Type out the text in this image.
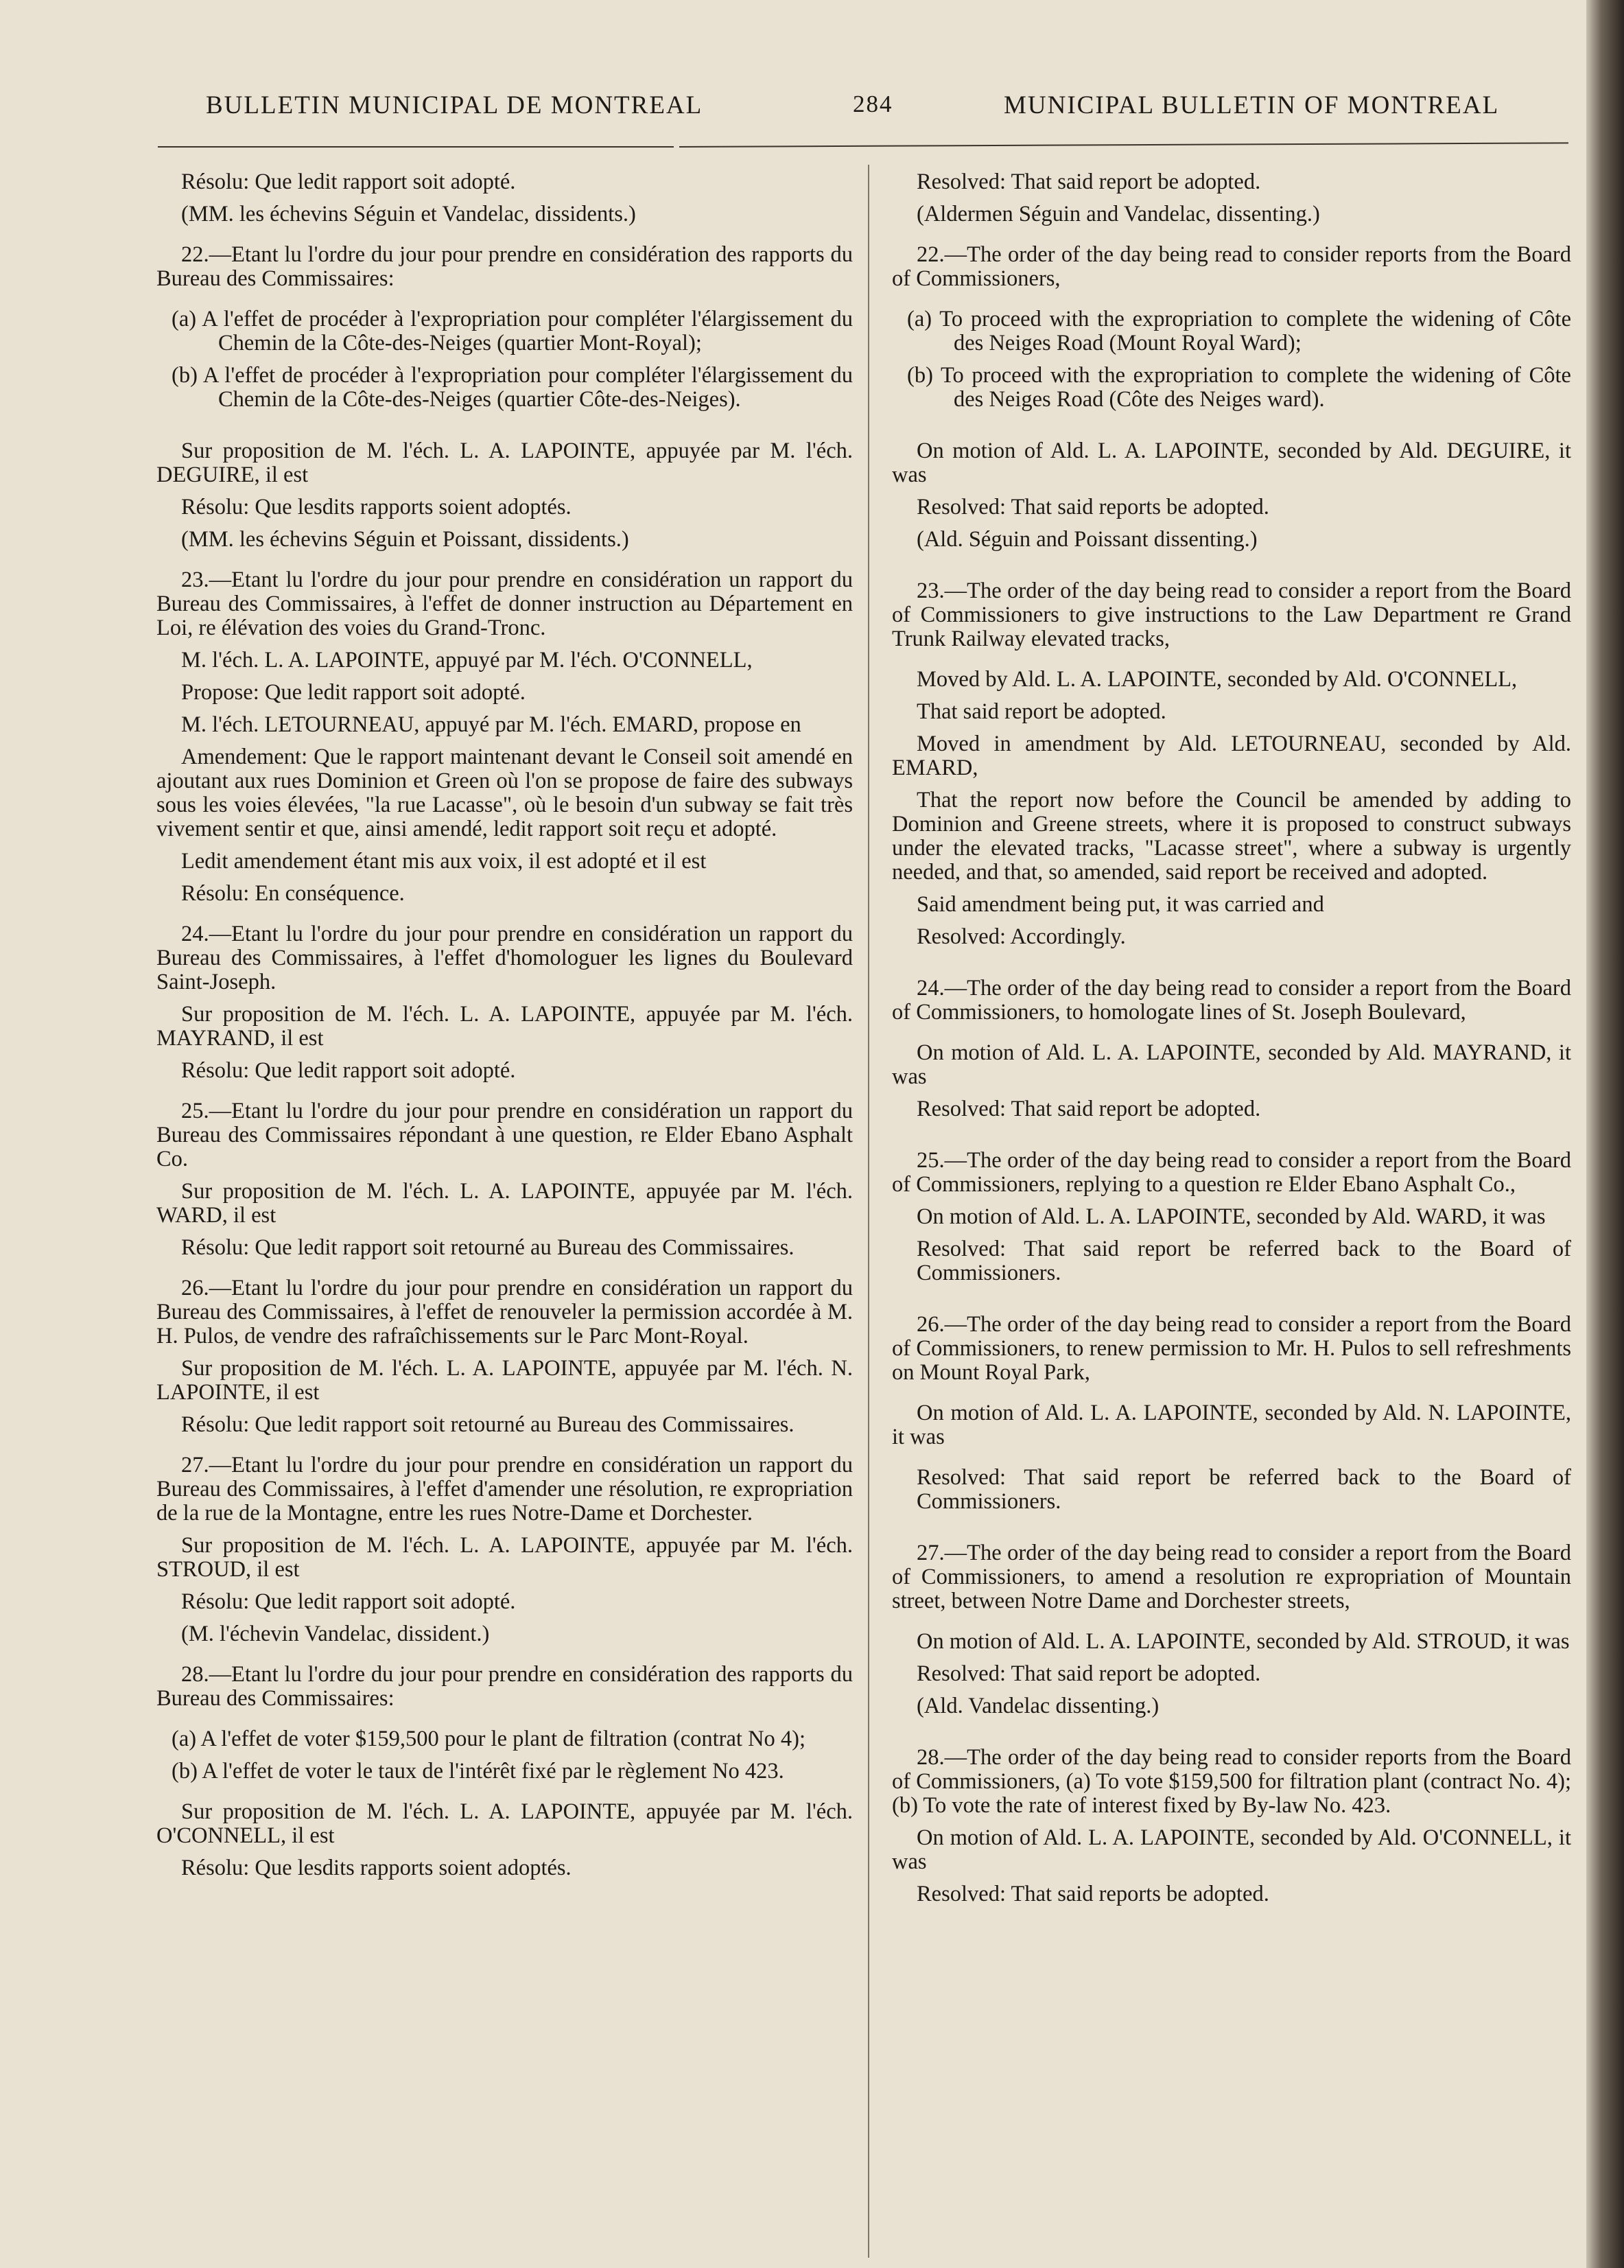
BULLETIN MUNICIPAL DE MONTREAL	284	MUNICIPAL BULLETIN OF MONTREAL

Résolu: Que ledit rapport soit adopté.

(MM. les échevins Séguin et Vandelac, dissidents.)

22.—Etant lu l'ordre du jour pour prendre en considération des rapports du Bureau des Commissaires:

(a) A l'effet de procéder à l'expropriation pour compléter l'élargissement du Chemin de la Côte-des-Neiges (quartier Mont-Royal);

(b) A l'effet de procéder à l'expropriation pour compléter l'élargissement du Chemin de la Côte-des-Neiges (quartier Côte-des-Neiges).

Sur proposition de M. l'éch. L. A. LAPOINTE, appuyée par M. l'éch. DEGUIRE, il est

Résolu: Que lesdits rapports soient adoptés.

(MM. les échevins Séguin et Poissant, dissidents.)

23.—Etant lu l'ordre du jour pour prendre en considération un rapport du Bureau des Commissaires, à l'effet de donner instruction au Département en Loi, re élévation des voies du Grand-Tronc.

M. l'éch. L. A. LAPOINTE, appuyé par M. l'éch. O'CONNELL,

Propose: Que ledit rapport soit adopté.

M. l'éch. LETOURNEAU, appuyé par M. l'éch. EMARD, propose en

Amendement: Que le rapport maintenant devant le Conseil soit amendé en ajoutant aux rues Dominion et Green où l'on se propose de faire des subways sous les voies élevées, "la rue Lacasse", où le besoin d'un subway se fait très vivement sentir et que, ainsi amendé, ledit rapport soit reçu et adopté.

Ledit amendement étant mis aux voix, il est adopté et il est

Résolu: En conséquence.

24.—Etant lu l'ordre du jour pour prendre en considération un rapport du Bureau des Commissaires, à l'effet d'homologuer les lignes du Boulevard Saint-Joseph.

Sur proposition de M. l'éch. L. A. LAPOINTE, appuyée par M. l'éch. MAYRAND, il est

Résolu: Que ledit rapport soit adopté.

25.—Etant lu l'ordre du jour pour prendre en considération un rapport du Bureau des Commissaires répondant à une question, re Elder Ebano Asphalt Co.

Sur proposition de M. l'éch. L. A. LAPOINTE, appuyée par M. l'éch. WARD, il est

Résolu: Que ledit rapport soit retourné au Bureau des Commissaires.

26.—Etant lu l'ordre du jour pour prendre en considération un rapport du Bureau des Commissaires, à l'effet de renouveler la permission accordée à M. H. Pulos, de vendre des rafraîchissements sur le Parc Mont-Royal.

Sur proposition de M. l'éch. L. A. LAPOINTE, appuyée par M. l'éch. N. LAPOINTE, il est

Résolu: Que ledit rapport soit retourné au Bureau des Commissaires.

27.—Etant lu l'ordre du jour pour prendre en considération un rapport du Bureau des Commissaires, à l'effet d'amender une résolution, re expropriation de la rue de la Montagne, entre les rues Notre-Dame et Dorchester.

Sur proposition de M. l'éch. L. A. LAPOINTE, appuyée par M. l'éch. STROUD, il est

Résolu: Que ledit rapport soit adopté.

(M. l'échevin Vandelac, dissident.)

28.—Etant lu l'ordre du jour pour prendre en considération des rapports du Bureau des Commissaires:

(a) A l'effet de voter $159,500 pour le plant de filtration (contrat No 4);

(b) A l'effet de voter le taux de l'intérêt fixé par le règlement No 423.

Sur proposition de M. l'éch. L. A. LAPOINTE, appuyée par M. l'éch. O'CONNELL, il est

Résolu: Que lesdits rapports soient adoptés.

Resolved: That said report be adopted.

(Aldermen Séguin and Vandelac, dissenting.)

22.—The order of the day being read to consider reports from the Board of Commissioners,

(a) To proceed with the expropriation to complete the widening of Côte des Neiges Road (Mount Royal Ward);

(b) To proceed with the expropriation to complete the widening of Côte des Neiges Road (Côte des Neiges ward).

On motion of Ald. L. A. LAPOINTE, seconded by Ald. DEGUIRE, it was

Resolved: That said reports be adopted.

(Ald. Séguin and Poissant dissenting.)

23.—The order of the day being read to consider a report from the Board of Commissioners to give instructions to the Law Department re Grand Trunk Railway elevated tracks,

Moved by Ald. L. A. LAPOINTE, seconded by Ald. O'CONNELL,

That said report be adopted.

Moved in amendment by Ald. LETOURNEAU, seconded by Ald. EMARD,

That the report now before the Council be amended by adding to Dominion and Greene streets, where it is proposed to construct subways under the elevated tracks, "Lacasse street", where a subway is urgently needed, and that, so amended, said report be received and adopted.

Said amendment being put, it was carried and

Resolved: Accordingly.

24.—The order of the day being read to consider a report from the Board of Commissioners, to homologate lines of St. Joseph Boulevard,

On motion of Ald. L. A. LAPOINTE, seconded by Ald. MAYRAND, it was

Resolved: That said report be adopted.

25.—The order of the day being read to consider a report from the Board of Commissioners, replying to a question re Elder Ebano Asphalt Co.,

On motion of Ald. L. A. LAPOINTE, seconded by Ald. WARD, it was

Resolved: That said report be referred back to the Board of Commissioners.

26.—The order of the day being read to consider a report from the Board of Commissioners, to renew permission to Mr. H. Pulos to sell refreshments on Mount Royal Park,

On motion of Ald. L. A. LAPOINTE, seconded by Ald. N. LAPOINTE, it was

Resolved: That said report be referred back to the Board of Commissioners.

27.—The order of the day being read to consider a report from the Board of Commissioners, to amend a resolution re expropriation of Mountain street, between Notre Dame and Dorchester streets,

On motion of Ald. L. A. LAPOINTE, seconded by Ald. STROUD, it was

Resolved: That said report be adopted.

(Ald. Vandelac dissenting.)

28.—The order of the day being read to consider reports from the Board of Commissioners, (a) To vote $159,500 for filtration plant (contract No. 4); (b) To vote the rate of interest fixed by By-law No. 423.

On motion of Ald. L. A. LAPOINTE, seconded by Ald. O'CONNELL, it was

Resolved: That said reports be adopted.
